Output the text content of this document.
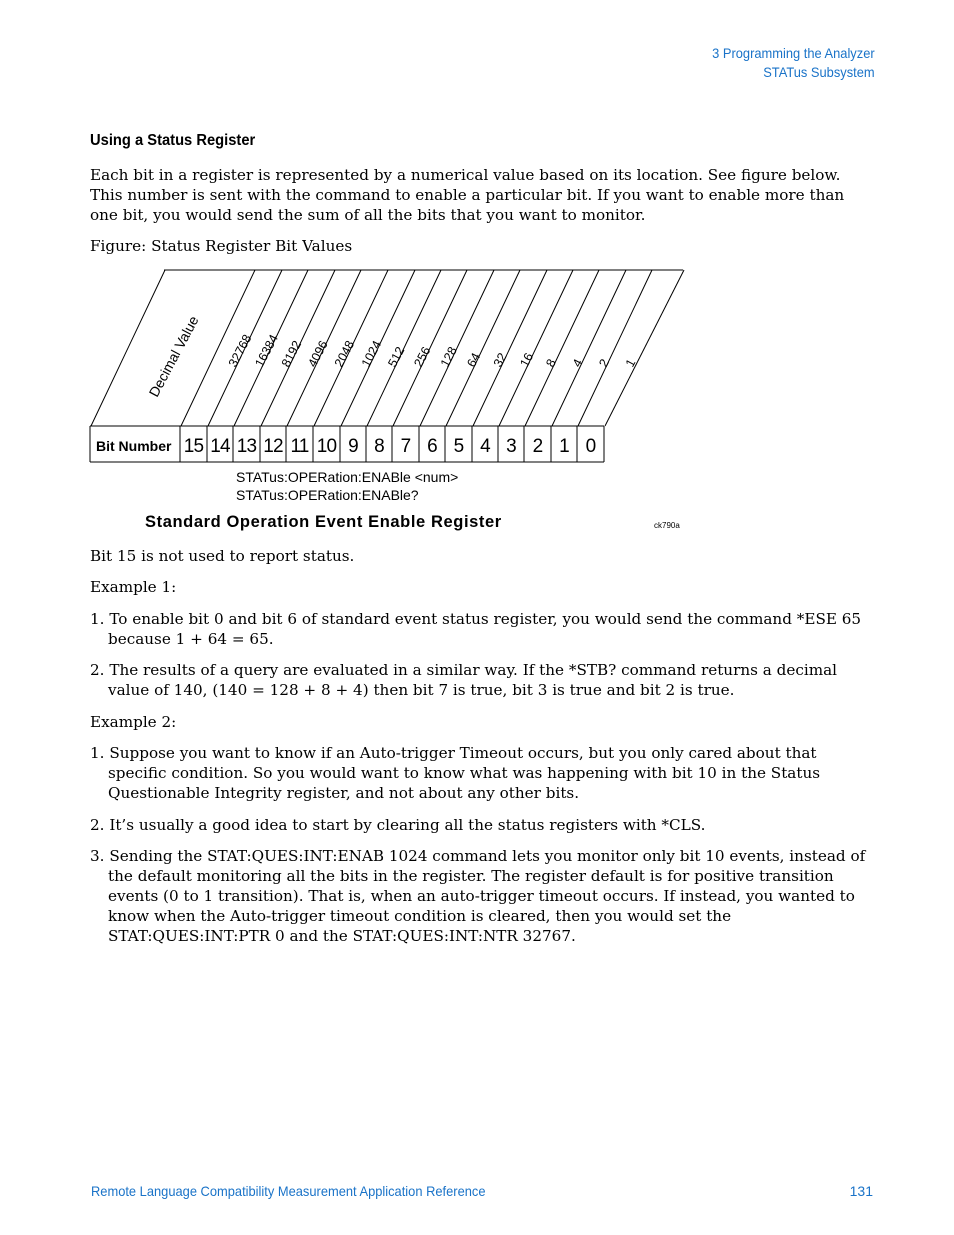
3 Programming the Analyzer
STATus Subsystem
Using a Status Register

Each bit in a register is represented by a numerical value based on its location. See figure below. This number is sent with the command to enable a particular bit. If you want to enable more than one bit, you would send the sum of all the bits that you want to monitor.

Figure: Status Register Bit Values

15 14 13 12 11 10 9 8 7 6 5 4 3 2 1 0
32768
16384
8192 4096 2048 1024 512 256 128 64 32 16 8 4 2 1
Decimal Value
Bit Number
STATus:OPERation:ENABle <num>
STATus:OPERation:ENABle?
Standard Operation Event Enable Register	ck790a

Bit 15 is not used to report status.

Example 1:

1. To enable bit 0 and bit 6 of standard event status register, you would send the command *ESE 65 because 1 + 64 = 65.

2. The results of a query are evaluated in a similar way. If the *STB? command returns a decimal value of 140, (140 = 128 + 8 + 4) then bit 7 is true, bit 3 is true and bit 2 is true.

Example 2:

1. Suppose you want to know if an Auto-trigger Timeout occurs, but you only cared about that specific condition. So you would want to know what was happening with bit 10 in the Status Questionable Integrity register, and not about any other bits.

2. It’s usually a good idea to start by clearing all the status registers with *CLS.

3. Sending the STAT:QUES:INT:ENAB 1024 command lets you monitor only bit 10 events, instead of the default monitoring all the bits in the register. The register default is for positive transition events (0 to 1 transition). That is, when an auto-trigger timeout occurs. If instead, you wanted to know when the Auto-trigger timeout condition is cleared, then you would set the STAT:QUES:INT:PTR 0 and the STAT:QUES:INT:NTR 32767.

Remote Language Compatibility Measurement Application Reference	131
